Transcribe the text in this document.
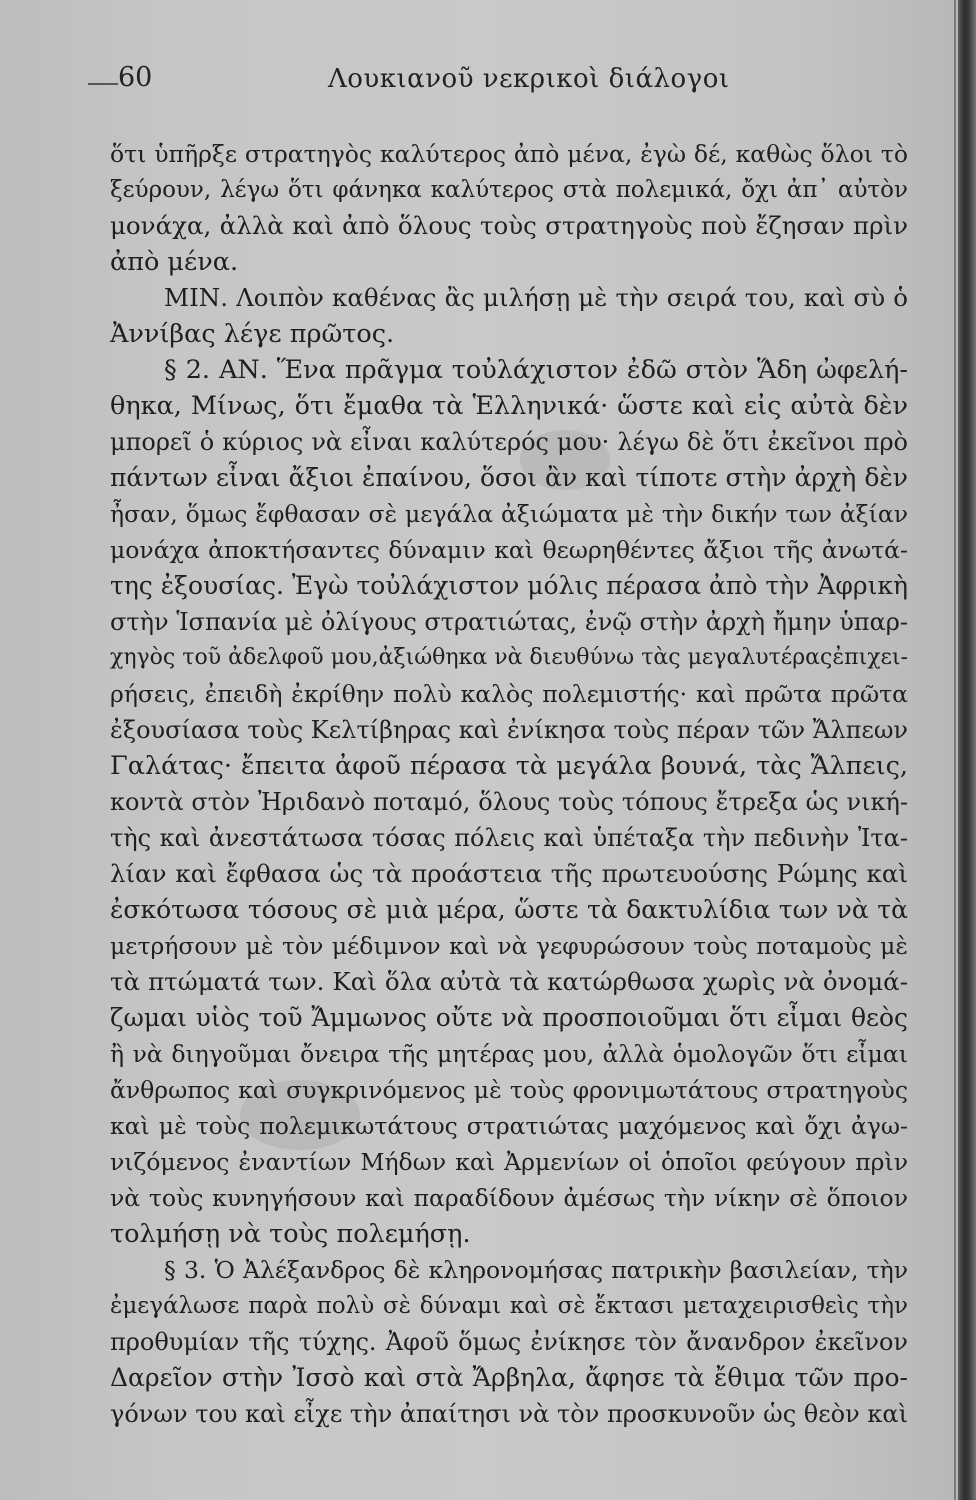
60	Λουκιανοῦ νεκρικοὶ διάλογοι
ὅτι ὑπῆρξε στρατηγὸς καλύτερος ἀπὸ μένα, ἐγὼ δέ, καθὼς ὅλοι τὸ
ξεύρουν, λέγω ὅτι φάνηκα καλύτερος στὰ πολεμικά, ὄχι ἀπ᾽ αὐτὸν
μονάχα, ἀλλὰ καὶ ἀπὸ ὅλους τοὺς στρατηγοὺς ποὺ ἔζησαν πρὶν
ἀπὸ μένα.
ΜΙΝ. Λοιπὸν καθένας ἂς μιλήσῃ μὲ τὴν σειρά του, καὶ σὺ ὁ
Ἀννίβας λέγε πρῶτος.
§ 2. ΑΝ. Ἕνα πρᾶγμα τοὐλάχιστον ἐδῶ στὸν Ἅδη ὠφελή-
θηκα, Μίνως, ὅτι ἔμαθα τὰ Ἑλληνικά· ὥστε καὶ εἰς αὐτὰ δὲν
μπορεῖ ὁ κύριος νὰ εἶναι καλύτερός μου· λέγω δὲ ὅτι ἐκεῖνοι πρὸ
πάντων εἶναι ἄξιοι ἐπαίνου, ὅσοι ἂν καὶ τίποτε στὴν ἀρχὴ δὲν
ἦσαν, ὅμως ἔφθασαν σὲ μεγάλα ἀξιώματα μὲ τὴν δικήν των ἀξίαν
μονάχα ἀποκτήσαντες δύναμιν καὶ θεωρηθέντες ἄξιοι τῆς ἀνωτά-
της ἐξουσίας. Ἐγὼ τοὐλάχιστον μόλις πέρασα ἀπὸ τὴν Ἀφρικὴ
στὴν Ἱσπανία μὲ ὀλίγους στρατιώτας, ἐνῷ στὴν ἀρχὴ ἤμην ὑπαρ-
χηγὸς τοῦ ἀδελφοῦ μου,ἀξιώθηκα νὰ διευθύνω τὰς μεγαλυτέραςἐπιχει-
ρήσεις, ἐπειδὴ ἐκρίθην πολὺ καλὸς πολεμιστής· καὶ πρῶτα πρῶτα
ἐξουσίασα τοὺς Κελτίβηρας καὶ ἐνίκησα τοὺς πέραν τῶν Ἄλπεων
Γαλάτας· ἔπειτα ἀφοῦ πέρασα τὰ μεγάλα βουνά, τὰς Ἄλπεις,
κοντὰ στὸν Ἠριδανὸ ποταμό, ὅλους τοὺς τόπους ἔτρεξα ὡς νική-
τὴς καὶ ἀνεστάτωσα τόσας πόλεις καὶ ὑπέταξα τὴν πεδινὴν Ἰτα-
λίαν καὶ ἔφθασα ὡς τὰ προάστεια τῆς πρωτευούσης Ρώμης καὶ
ἐσκότωσα τόσους σὲ μιὰ μέρα, ὥστε τὰ δακτυλίδια των νὰ τὰ
μετρήσουν μὲ τὸν μέδιμνον καὶ νὰ γεφυρώσουν τοὺς ποταμοὺς μὲ
τὰ πτώματά των. Καὶ ὅλα αὐτὰ τὰ κατώρθωσα χωρὶς νὰ ὀνομά-
ζωμαι υἱὸς τοῦ Ἄμμωνος οὔτε νὰ προσποιοῦμαι ὅτι εἶμαι θεὸς
ἢ νὰ διηγοῦμαι ὄνειρα τῆς μητέρας μου, ἀλλὰ ὁμολογῶν ὅτι εἶμαι
ἄνθρωπος καὶ συγκρινόμενος μὲ τοὺς φρονιμωτάτους στρατηγοὺς
καὶ μὲ τοὺς πολεμικωτάτους στρατιώτας μαχόμενος καὶ ὄχι ἀγω-
νιζόμενος ἐναντίων Μήδων καὶ Ἀρμενίων οἱ ὁποῖοι φεύγουν πρὶν
νὰ τοὺς κυνηγήσουν καὶ παραδίδουν ἀμέσως τὴν νίκην σὲ ὅποιον
τολμήσῃ νὰ τοὺς πολεμήσῃ.
§ 3. Ὁ Ἀλέξανδρος δὲ κληρονομήσας πατρικὴν βασιλείαν, τὴν
ἐμεγάλωσε παρὰ πολὺ σὲ δύναμι καὶ σὲ ἔκτασι μεταχειρισθεὶς τὴν
προθυμίαν τῆς τύχης. Ἀφοῦ ὅμως ἐνίκησε τὸν ἄνανδρον ἐκεῖνον
Δαρεῖον στὴν Ἰσσὸ καὶ στὰ Ἄρβηλα, ἄφησε τὰ ἔθιμα τῶν προ-
γόνων του καὶ εἶχε τὴν ἀπαίτησι νὰ τὸν προσκυνοῦν ὡς θεὸν καὶ
